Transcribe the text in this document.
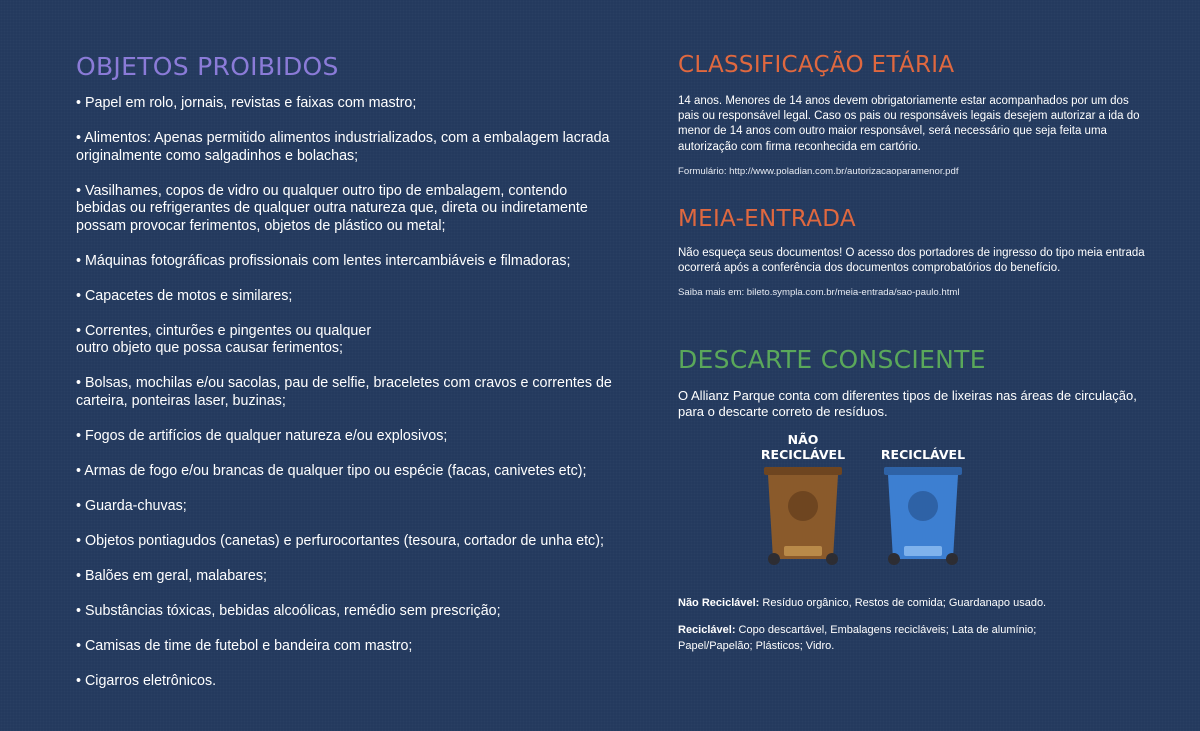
OBJETOS PROIBIDOS
• Papel em rolo, jornais, revistas e faixas com mastro;
• Alimentos: Apenas permitido alimentos industrializados, com a embalagem lacrada originalmente como salgadinhos e bolachas;
• Vasilhames, copos de vidro ou qualquer outro tipo de embalagem, contendo bebidas ou refrigerantes de qualquer outra natureza que, direta ou indiretamente possam provocar ferimentos, objetos de plástico ou metal;
• Máquinas fotográficas profissionais com lentes intercambiáveis e filmadoras;
• Capacetes de motos e similares;
• Correntes, cinturões e pingentes ou qualquer outro objeto que possa causar ferimentos;
• Bolsas, mochilas e/ou sacolas, pau de selfie, braceletes com cravos e correntes de carteira, ponteiras laser, buzinas;
• Fogos de artifícios de qualquer natureza e/ou explosivos;
• Armas de fogo e/ou brancas de qualquer tipo ou espécie (facas, canivetes etc);
• Guarda-chuvas;
• Objetos pontiagudos (canetas) e perfurocortantes (tesoura, cortador de unha etc);
• Balões em geral, malabares;
• Substâncias tóxicas, bebidas alcoólicas, remédio sem prescrição;
• Camisas de time de futebol e bandeira com mastro;
• Cigarros eletrônicos.
CLASSIFICAÇÃO ETÁRIA

14 anos. Menores de 14 anos devem obrigatoriamente estar acompanhados por um dos pais ou responsável legal. Caso os pais ou responsáveis legais desejem autorizar a ida do menor de 14 anos com outro maior responsável, será necessário que seja feita uma autorização com firma reconhecida em cartório.

Formulário: http://www.poladian.com.br/autorizacaoparamenor.pdf

MEIA-ENTRADA

Não esqueça seus documentos! O acesso dos portadores de ingresso do tipo meia entrada ocorrerá após a conferência dos documentos comprobatórios do benefício.

Saiba mais em: bileto.sympla.com.br/meia-entrada/sao-paulo.html

DESCARTE CONSCIENTE

O Allianz Parque conta com diferentes tipos de lixeiras nas áreas de circulação, para o descarte correto de resíduos.

NÃO
RECICLÁVEL	RECICLÁVEL

Não Reciclável: Resíduo orgânico, Restos de comida; Guardanapo usado.

Reciclável: Copo descartável, Embalagens recicláveis; Lata de alumínio; Papel/Papelão; Plásticos; Vidro.
